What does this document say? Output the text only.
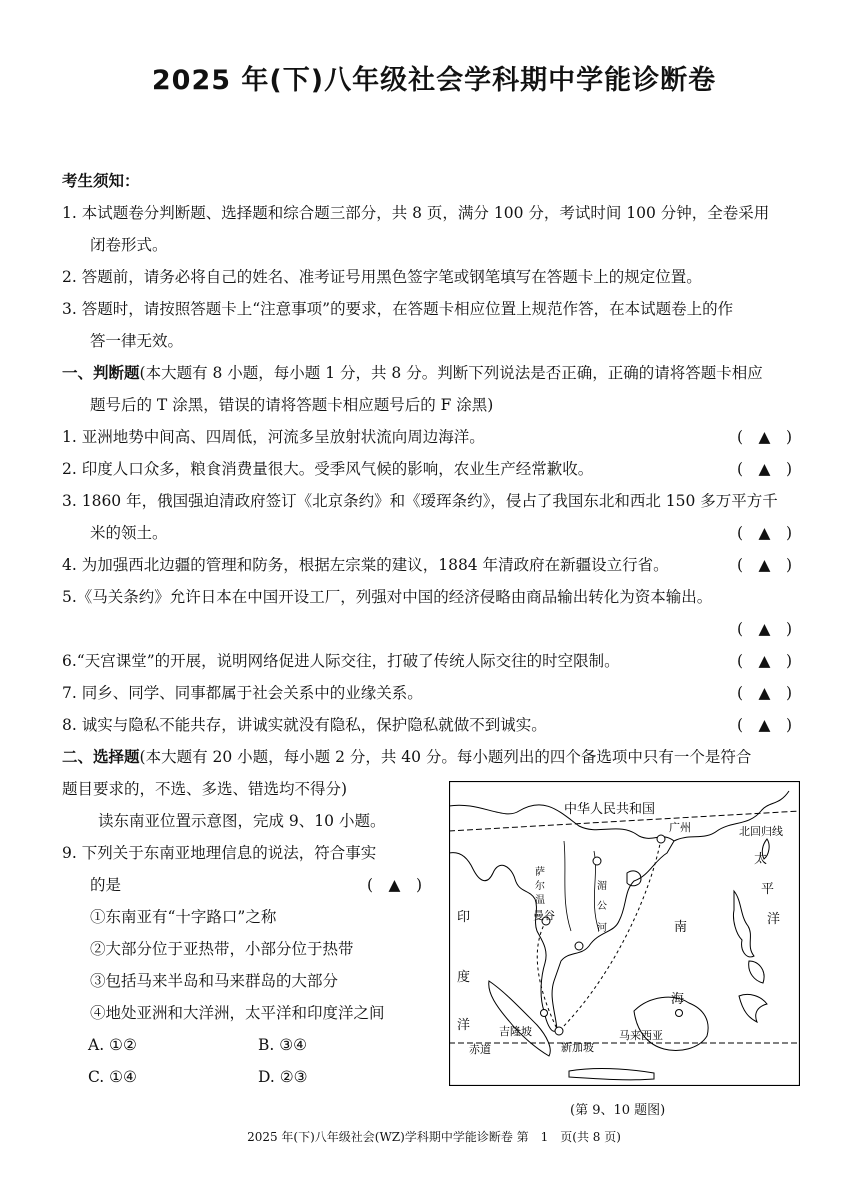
2025 年(下)八年级社会学科期中学能诊断卷
考生须知：
1. 本试题卷分判断题、选择题和综合题三部分，共 8 页，满分 100 分，考试时间 100 分钟，全卷采用
闭卷形式。
2. 答题前，请务必将自己的姓名、准考证号用黑色签字笔或钢笔填写在答题卡上的规定位置。
3. 答题时，请按照答题卡上“注意事项”的要求，在答题卡相应位置上规范作答，在本试题卷上的作
答一律无效。
一、判断题(本大题有 8 小题，每小题 1 分，共 8 分。判断下列说法是否正确，正确的请将答题卡相应
题号后的 T 涂黑，错误的请将答题卡相应题号后的 F 涂黑)
1. 亚洲地势中间高、四周低，河流多呈放射状流向周边海洋。	(　▲　)
2. 印度人口众多，粮食消费量很大。受季风气候的影响，农业生产经常歉收。	(　▲　)
3. 1860 年，俄国强迫清政府签订《北京条约》和《瑷珲条约》，侵占了我国东北和西北 150 多万平方千
米的领土。	(　▲　)
4. 为加强西北边疆的管理和防务，根据左宗棠的建议，1884 年清政府在新疆设立行省。	(　▲　)
5.《马关条约》允许日本在中国开设工厂，列强对中国的经济侵略由商品输出转化为资本输出。
(　▲　)
6.“天宫课堂”的开展，说明网络促进人际交往，打破了传统人际交往的时空限制。	(　▲　)
7. 同乡、同学、同事都属于社会关系中的业缘关系。	(　▲　)
8. 诚实与隐私不能共存，讲诚实就没有隐私，保护隐私就做不到诚实。	(　▲　)
二、选择题(本大题有 20 小题，每小题 2 分，共 40 分。每小题列出的四个备选项中只有一个是符合
题目要求的，不选、多选、错选均不得分)
读东南亚位置示意图，完成 9、10 小题。
9. 下列关于东南亚地理信息的说法，符合事实
的是	(　▲　)
①东南亚有“十字路口”之称
②大部分位于亚热带，小部分位于热带
③包括马来半岛和马来群岛的大部分
④地处亚洲和大洋洲，太平洋和印度洋之间
A. ①②	B. ③④
C. ①④	D. ②③
中华人民共和国
广州	北回归线
太
平
洋
印
度
洋
南
海
曼谷
吉隆坡
新加坡
马来西亚
赤道
萨
尔
温
湄
公
河
(第 9、10 题图)
2025 年(下)八年级社会(WZ)学科期中学能诊断卷 第　1　页(共 8 页)
